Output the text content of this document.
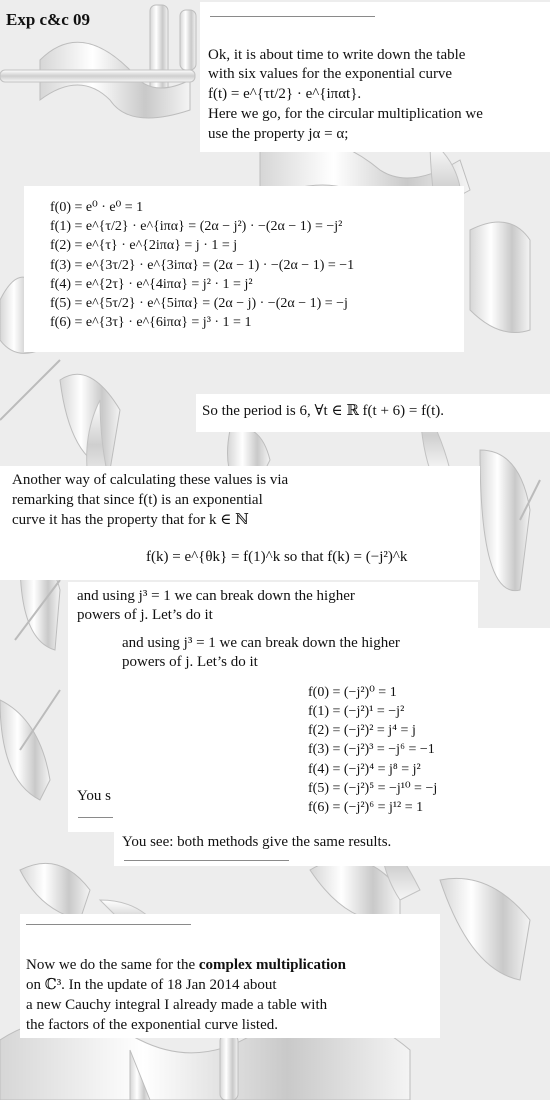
Exp c&c 09
Ok, it is about time to write down the table
with six values for the exponential curve
f(t) = e^{τt/2} · e^{iπαt}.
Here we go, for the circular multiplication we
use the property jα = α;
f(0) = e⁰ · e⁰ = 1
f(1) = e^{τ/2} · e^{iπα} = (2α − j²) · −(2α − 1) = −j²
f(2) = e^{τ} · e^{2iπα} = j · 1 = j
f(3) = e^{3τ/2} · e^{3iπα} = (2α − 1) · −(2α − 1) = −1
f(4) = e^{2τ} · e^{4iπα} = j² · 1 = j²
f(5) = e^{5τ/2} · e^{5iπα} = (2α − j) · −(2α − 1) = −j
f(6) = e^{3τ} · e^{6iπα} = j³ · 1 = 1
So the period is 6, ∀t ∈ ℝ f(t + 6) = f(t).
Another way of calculating these values is via
remarking that since f(t) is an exponential
curve it has the property that for k ∈ ℕ
f(k) = e^{θk} = f(1)^k so that f(k) = (−j²)^k
and using j³ = 1 we can break down the higher
powers of j. Let’s do it
You s
and using j³ = 1 we can break down the higher
powers of j. Let’s do it
f(0) = (−j²)⁰ = 1
f(1) = (−j²)¹ = −j²
f(2) = (−j²)² = j⁴ = j
f(3) = (−j²)³ = −j⁶ = −1
f(4) = (−j²)⁴ = j⁸ = j²
f(5) = (−j²)⁵ = −j¹⁰ = −j
f(6) = (−j²)⁶ = j¹² = 1
You see: both methods give the same results.
Now we do the same for the complex multiplication
on ℂ³. In the update of 18 Jan 2014 about
a new Cauchy integral I already made a table with
the factors of the exponential curve listed.
